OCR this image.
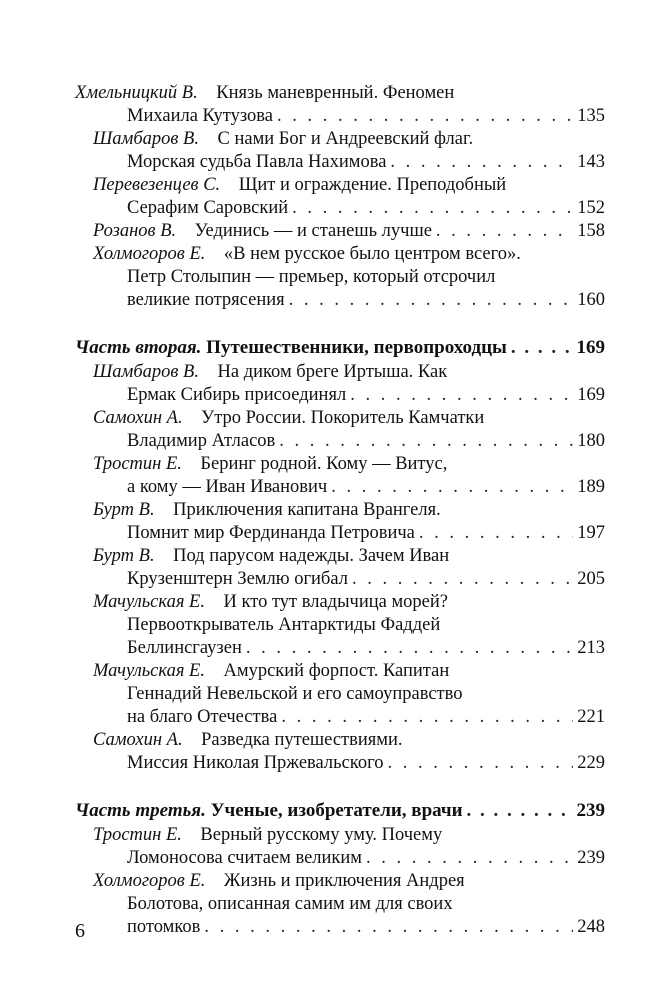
Хмельницкий В. Князь маневренный. Феномен
Михаила Кутузова . . .	135
Шамбаров В. С нами Бог и Андреевский флаг.
Морская судьба Павла Нахимова . . .	143
Перевезенцев С. Щит и ограждение. Преподобный
Серафим Саровский . . .	152
Розанов В. Уединись — и станешь лучше . . .	158
Холмогоров Е. «В нем русское было центром всего».
Петр Столыпин — премьер, который отсрочил
великие потрясения . . .	160
Часть вторая. Путешественники, первопроходцы . . .	169
Шамбаров В. На диком бреге Иртыша. Как
Ермак Сибирь присоединял . . .	169
Самохин А. Утро России. Покоритель Камчатки
Владимир Атласов . . .	180
Тростин Е. Беринг родной. Кому — Витус,
а кому — Иван Иванович . . .	189
Бурт В. Приключения капитана Врангеля.
Помнит мир Фердинанда Петровича . . .	197
Бурт В. Под парусом надежды. Зачем Иван
Крузенштерн Землю огибал . . .	205
Мачульская Е. И кто тут владычица морей?
Первооткрыватель Антарктиды Фаддей
Беллинсгаузен . . .	213
Мачульская Е. Амурский форпост. Капитан
Геннадий Невельской и его самоуправство
на благо Отечества . . .	221
Самохин А. Разведка путешествиями.
Миссия Николая Пржевальского . . .	229
Часть третья. Ученые, изобретатели, врачи . . .	239
Тростин Е. Верный русскому уму. Почему
Ломоносова считаем великим . . .	239
Холмогоров Е. Жизнь и приключения Андрея
Болотова, описанная самим им для своих
потомков . . .	248
6
